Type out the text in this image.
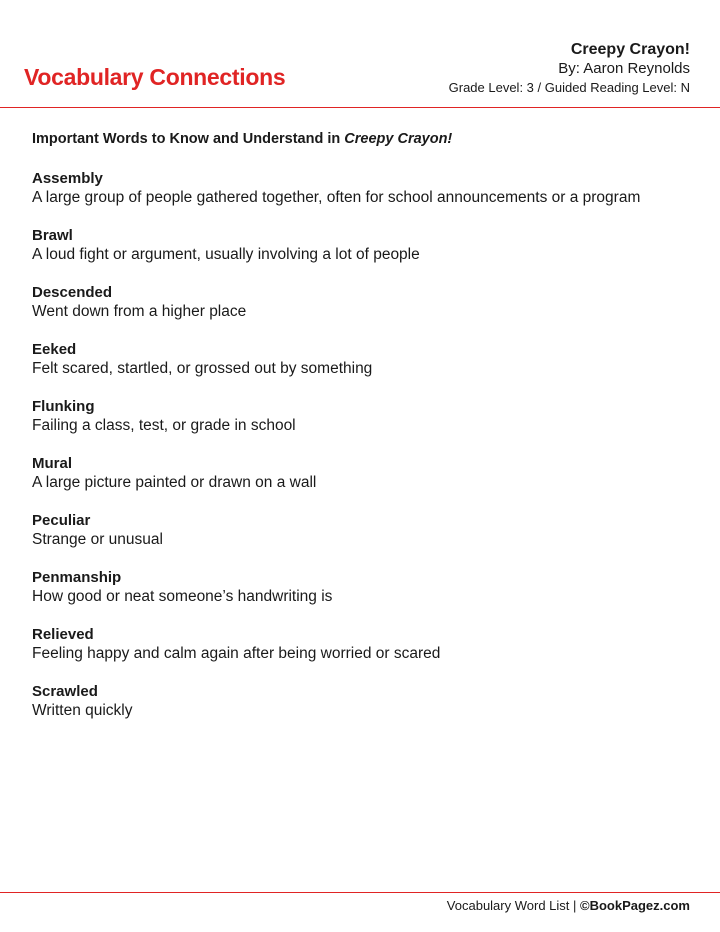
Vocabulary Connections
Creepy Crayon!
By: Aaron Reynolds
Grade Level: 3 / Guided Reading Level: N
Important Words to Know and Understand in Creepy Crayon!
Assembly
A large group of people gathered together, often for school announcements or a program
Brawl
A loud fight or argument, usually involving a lot of people
Descended
Went down from a higher place
Eeked
Felt scared, startled, or grossed out by something
Flunking
Failing a class, test, or grade in school
Mural
A large picture painted or drawn on a wall
Peculiar
Strange or unusual
Penmanship
How good or neat someone’s handwriting is
Relieved
Feeling happy and calm again after being worried or scared
Scrawled
Written quickly
Vocabulary Word List | ©BookPagez.com
